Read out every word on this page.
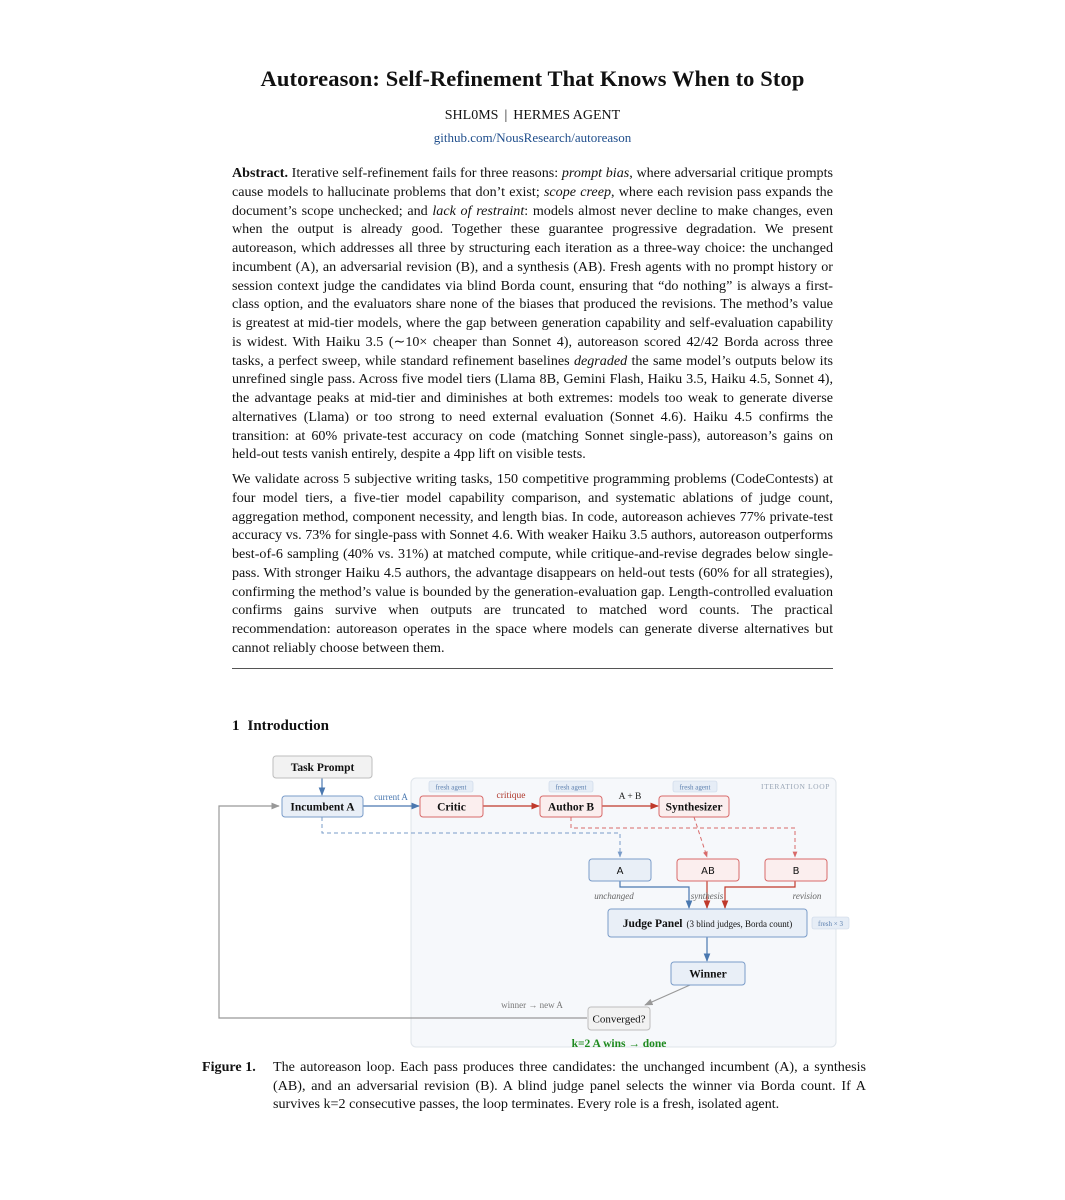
Autoreason: Self-Refinement That Knows When to Stop
SHL0MS | HERMES AGENT
github.com/NousResearch/autoreason

Abstract. Iterative self-refinement fails for three reasons: prompt bias, where adversarial critique prompts cause models to hallucinate problems that don’t exist; scope creep, where each revision pass expands the document’s scope unchecked; and lack of restraint: models almost never decline to make changes, even when the output is already good. Together these guarantee progressive degradation. We present autoreason, which addresses all three by structuring each iteration as a three-way choice: the unchanged incumbent (A), an adversarial revision (B), and a synthesis (AB). Fresh agents with no prompt history or session context judge the candidates via blind Borda count, ensuring that “do nothing” is always a first-class option, and the evaluators share none of the biases that produced the revisions. The method’s value is greatest at mid-tier models, where the gap between generation capability and self-evaluation capability is widest. With Haiku 3.5 (∼10× cheaper than Sonnet 4), autoreason scored 42/42 Borda across three tasks, a perfect sweep, while standard refinement baselines degraded the same model’s outputs below its unrefined single pass. Across five model tiers (Llama 8B, Gemini Flash, Haiku 3.5, Haiku 4.5, Sonnet 4), the advantage peaks at mid-tier and diminishes at both extremes: models too weak to generate diverse alternatives (Llama) or too strong to need external evaluation (Sonnet 4.6). Haiku 4.5 confirms the transition: at 60% private-test accuracy on code (matching Sonnet single-pass), autoreason’s gains on held-out tests vanish entirely, despite a 4pp lift on visible tests.

We validate across 5 subjective writing tasks, 150 competitive programming problems (CodeContests) at four model tiers, a five-tier model capability comparison, and systematic ablations of judge count, aggregation method, component necessity, and length bias. In code, autoreason achieves 77% private-test accuracy vs. 73% for single-pass with Sonnet 4.6. With weaker Haiku 3.5 authors, autoreason outperforms best-of-6 sampling (40% vs. 31%) at matched compute, while critique-and-revise degrades below single-pass. With stronger Haiku 4.5 authors, the advantage disappears on held-out tests (60% for all strategies), confirming the method’s value is bounded by the generation-evaluation gap. Length-controlled evaluation confirms gains survive when outputs are truncated to matched word counts. The practical recommendation: autoreason operates in the space where models can generate diverse alternatives but cannot reliably choose between them.

1 Introduction
ITERATION LOOP
fresh agent	fresh agent	fresh agent
current A	critique	A + B
unchanged	synthesis	revision
winner → new A
Task Prompt
Incumbent A	Critic	Author B	Synthesizer
A	AB	B
Judge Panel (3 blind judges, Borda count)	fresh × 3
Winner
Converged?
k=2 A wins → done
Figure 1. The autoreason loop. Each pass produces three candidates: the unchanged incumbent (A), a synthesis (AB), and an adversarial revision (B). A blind judge panel selects the winner via Borda count. If A survives k=2 consecutive passes, the loop terminates. Every role is a fresh, isolated agent.
